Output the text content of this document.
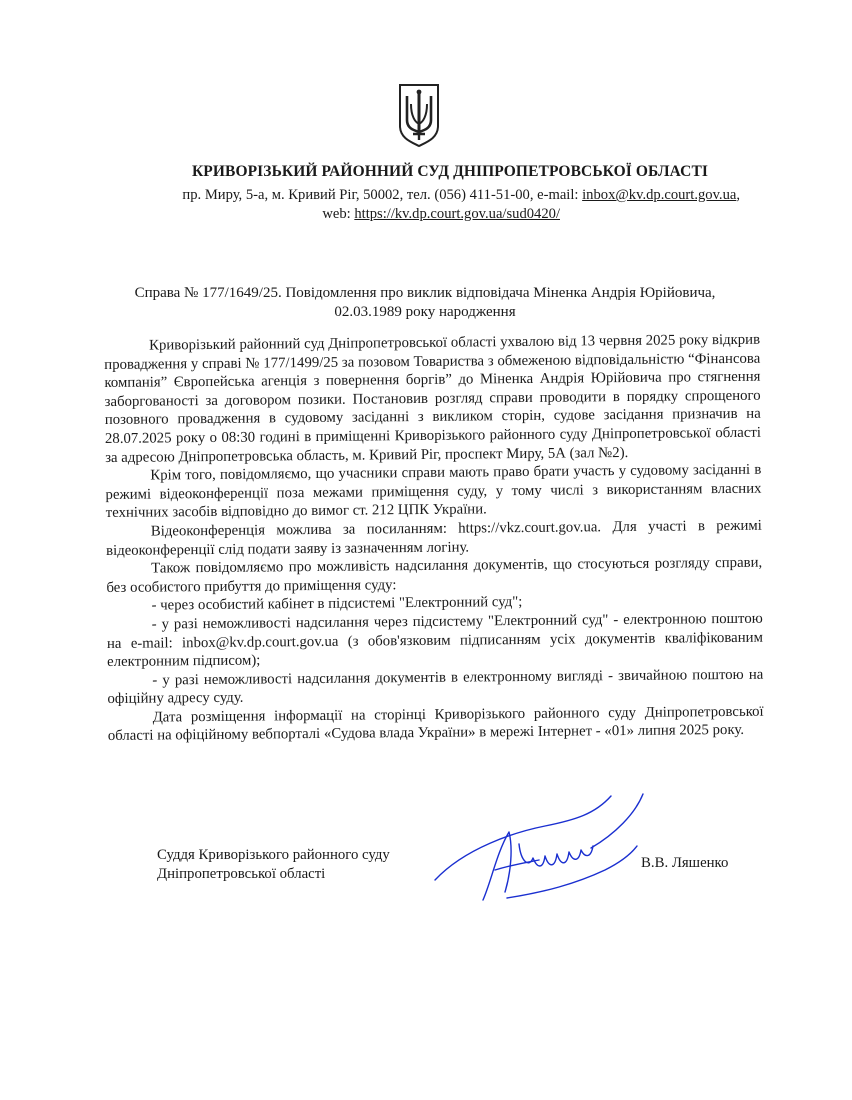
КРИВОРІЗЬКИЙ РАЙОННИЙ СУД ДНІПРОПЕТРОВСЬКОЇ ОБЛАСТІ
пр. Миру, 5-а, м. Кривий Ріг, 50002, тел. (056) 411-51-00, e-mail: inbox@kv.dp.court.gov.ua,
web: https://kv.dp.court.gov.ua/sud0420/
Справа № 177/1649/25. Повідомлення про виклик відповідача Міненка Андрія Юрійовича,
02.03.1989 року народження

Криворізький районний суд Дніпропетровської області ухвалою від 13 червня 2025 року відкрив провадження у справі № 177/1499/25 за позовом Товариства з обмеженою відповідальністю “Фінансова компанія” Європейська агенція з повернення боргів” до Міненка Андрія Юрійовича про стягнення заборгованості за договором позики. Постановив розгляд справи проводити в порядку спрощеного позовного провадження в судовому засіданні з викликом сторін, судове засідання призначив на 28.07.2025 року о 08:30 годині в приміщенні Криворізького районного суду Дніпропетровської області за адресою Дніпропетровська область, м. Кривий Ріг, проспект Миру, 5А (зал №2).

Крім того, повідомляємо, що учасники справи мають право брати участь у судовому засіданні в режимі відеоконференції поза межами приміщення суду, у тому числі з використанням власних технічних засобів відповідно до вимог ст. 212 ЦПК України.

Відеоконференція можлива за посиланням: https://vkz.court.gov.ua. Для участі в режимі відеоконференції слід подати заяву із зазначенням логіну.

Також повідомляємо про можливість надсилання документів, що стосуються розгляду справи, без особистого прибуття до приміщення суду:

- через особистий кабінет в підсистемі "Електронний суд";

- у разі неможливості надсилання через підсистему "Електронний суд" - електронною поштою на e-mail: inbox@kv.dp.court.gov.ua (з обов'язковим підписанням усіх документів кваліфікованим електронним підписом);

- у разі неможливості надсилання документів в електронному вигляді - звичайною поштою на офіційну адресу суду.

Дата розміщення інформації на сторінці Криворізького районного суду Дніпропетровської області на офіційному вебпорталі «Судова влада України» в мережі Інтернет - «01» липня 2025 року.

Суддя Криворізького районного суду
Дніпропетровської області
В.В. Ляшенко
